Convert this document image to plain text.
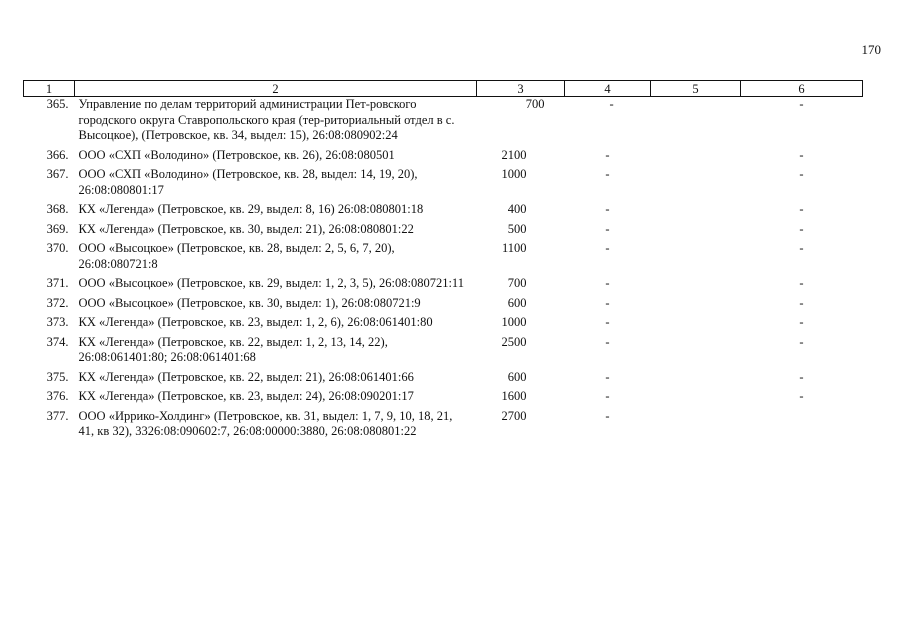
170
1	2	3	4	5	6
365.	Управление по делам территорий администрации Пет-ровского городского округа Ставропольского края (тер-риториальный отдел в с. Высоцкое), (Петровское, кв. 34, выдел: 15), 26:08:080902:24	700	-		-
366.	ООО «СХП «Володино» (Петровское, кв. 26), 26:08:080501	2100	-		-
367.	ООО «СХП «Володино» (Петровское, кв. 28, выдел: 14, 19, 20), 26:08:080801:17	1000	-		-
368.	КХ «Легенда» (Петровское, кв. 29, выдел: 8, 16) 26:08:080801:18	400	-		-
369.	КХ «Легенда» (Петровское, кв. 30, выдел: 21), 26:08:080801:22	500	-		-
370.	ООО «Высоцкое» (Петровское, кв. 28, выдел: 2, 5, 6, 7, 20), 26:08:080721:8	1100	-		-
371.	ООО «Высоцкое» (Петровское, кв. 29, выдел: 1, 2, 3, 5), 26:08:080721:11	700	-		-
372.	ООО «Высоцкое» (Петровское, кв. 30, выдел: 1), 26:08:080721:9	600	-		-
373.	КХ «Легенда» (Петровское, кв. 23, выдел: 1, 2, 6), 26:08:061401:80	1000	-		-
374.	КХ «Легенда» (Петровское, кв. 22, выдел: 1, 2, 13, 14, 22), 26:08:061401:80; 26:08:061401:68	2500	-		-
375.	КХ «Легенда» (Петровское, кв. 22, выдел: 21), 26:08:061401:66	600	-		-
376.	КХ «Легенда» (Петровское, кв. 23, выдел: 24), 26:08:090201:17	1600	-		-
377.	ООО «Иррико-Холдинг» (Петровское, кв. 31, выдел: 1, 7, 9, 10, 18, 21, 41, кв 32), 3326:08:090602:7, 26:08:00000:3880, 26:08:080801:22	2700	-		
